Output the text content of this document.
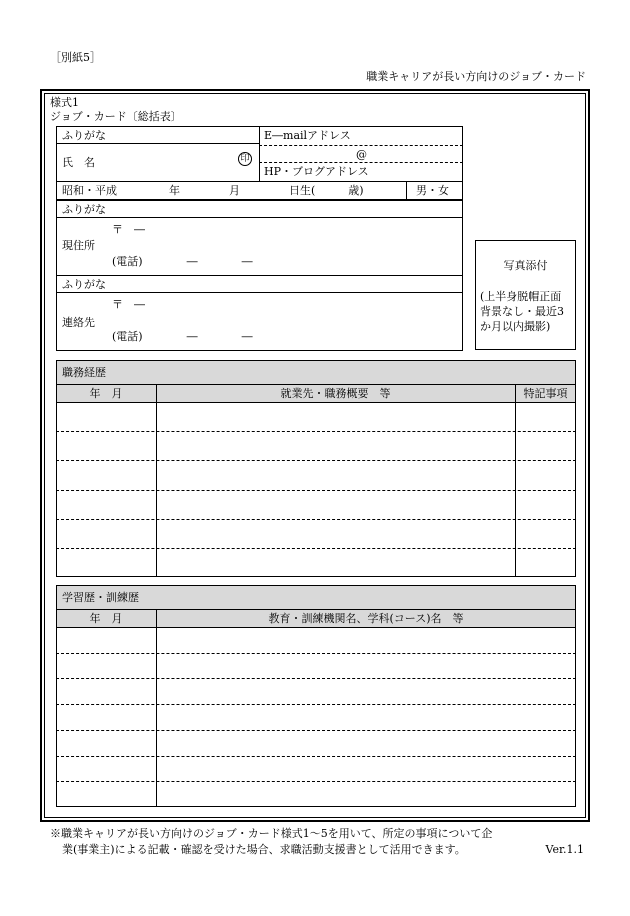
［別紙5］
職業キャリアが長い方向けのジョブ・カード
様式1
ジョブ・カード〔総括表〕
ふりがな
氏　名	印
E―mailアドレス
@
HP・ブログアドレス
昭和・平成	年	月	日生(　　　歳)	男・女
ふりがな
〒　―
現住所
(電話)　　　　―　　　　―
ふりがな
〒　―
連絡先
(電話)　　　　―　　　　―
写真添付
(上半身脱帽正面
背景なし・最近3
か月以内撮影)
職務経歴
年　月	就業先・職務概要　等	特記事項
学習歴・訓練歴
年　月	教育・訓練機関名、学科(コース)名　等
※職業キャリアが長い方向けのジョブ・カード様式1～5を用いて、所定の事項について企
業(事業主)による記載・確認を受けた場合、求職活動支援書として活用できます。	Ver.1.1
